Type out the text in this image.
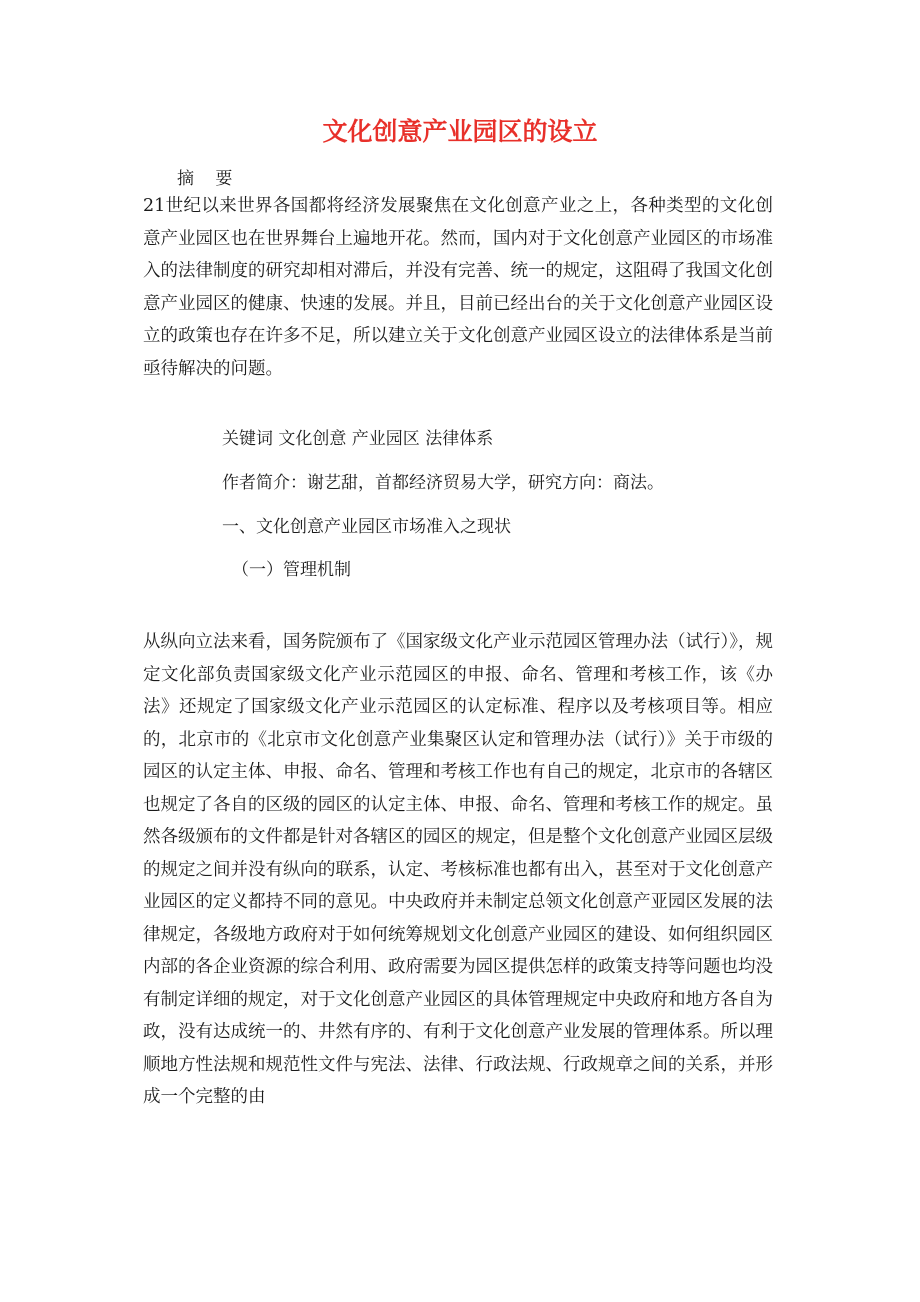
文化创意产业园区的设立
摘 要

21世纪以来世界各国都将经济发展聚焦在文化创意产业之上，各种类型的文化创意产业园区也在世界舞台上遍地开花。然而，国内对于文化创意产业园区的市场准入的法律制度的研究却相对滞后，并没有完善、统一的规定，这阻碍了我国文化创意产业园区的健康、快速的发展。并且，目前已经出台的关于文化创意产业园区设立的政策也存在许多不足，所以建立关于文化创意产业园区设立的法律体系是当前亟待解决的问题。

关键词 文化创意 产业园区 法律体系
作者简介：谢艺甜，首都经济贸易大学，研究方向：商法。
一、文化创意产业园区市场准入之现状
（一）管理机制

从纵向立法来看，国务院颁布了《国家级文化产业示范园区管理办法（试行）》，规定文化部负责国家级文化产业示范园区的申报、命名、管理和考核工作，该《办法》还规定了国家级文化产业示范园区的认定标准、程序以及考核项目等。相应的，北京市的《北京市文化创意产业集聚区认定和管理办法（试行）》关于市级的园区的认定主体、申报、命名、管理和考核工作也有自己的规定，北京市的各辖区也规定了各自的区级的园区的认定主体、申报、命名、管理和考核工作的规定。虽然各级颁布的文件都是针对各辖区的园区的规定，但是整个文化创意产业园区层级的规定之间并没有纵向的联系，认定、考核标准也都有出入，甚至对于文化创意产业园区的定义都持不同的意见。中央政府并未制定总领文化创意产亚园区发展的法律规定，各级地方政府对于如何统筹规划文化创意产业园区的建设、如何组织园区内部的各企业资源的综合利用、政府需要为园区提供怎样的政策支持等问题也均没有制定详细的规定，对于文化创意产业园区的具体管理规定中央政府和地方各自为政，没有达成统一的、井然有序的、有利于文化创意产业发展的管理体系。所以理顺地方性法规和规范性文件与宪法、法律、行政法规、行政规章之间的关系，并形成一个完整的由
